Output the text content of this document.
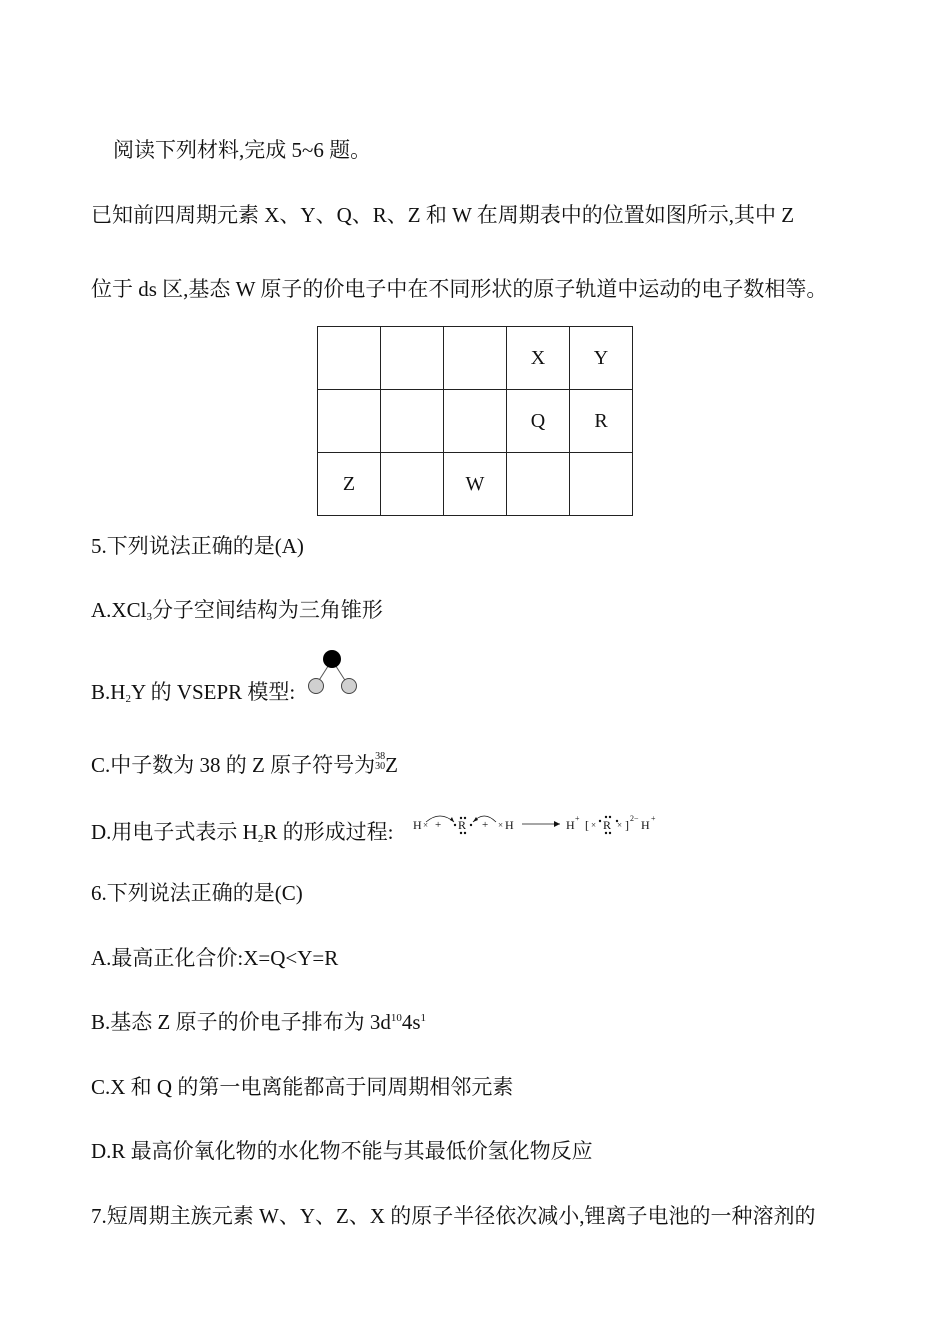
阅读下列材料,完成 5~6 题。
已知前四周期元素 X、Y、Q、R、Z 和 W 在周期表中的位置如图所示,其中 Z
位于 ds 区,基态 W 原子的价电子中在不同形状的原子轨道中运动的电子数相等。
			X	Y
			Q	R
Z		W		
5.下列说法正确的是(A)
A.XCl$_3$分子空间结构为三角锥形
$B.H_2Y$ 的 VSEPR 模型:
C.中子数为 38 的 Z 原子符号为 38
30 Z
D.用电子式表示 $H_2R$ 的形成过程: H × + R + × H	H + [ × R × ] 2− H +
6.下列说法正确的是(C)
A.最高正化合价:X=Q<Y=R
B.基态 Z 原子的价电子排布为 $3d^{10}4s^1$
C.X 和 Q 的第一电离能都高于同周期相邻元素
D.R 最高价氧化物的水化物不能与其最低价氢化物反应
7.短周期主族元素 W、Y、Z、X 的原子半径依次减小,锂离子电池的一种溶剂的
